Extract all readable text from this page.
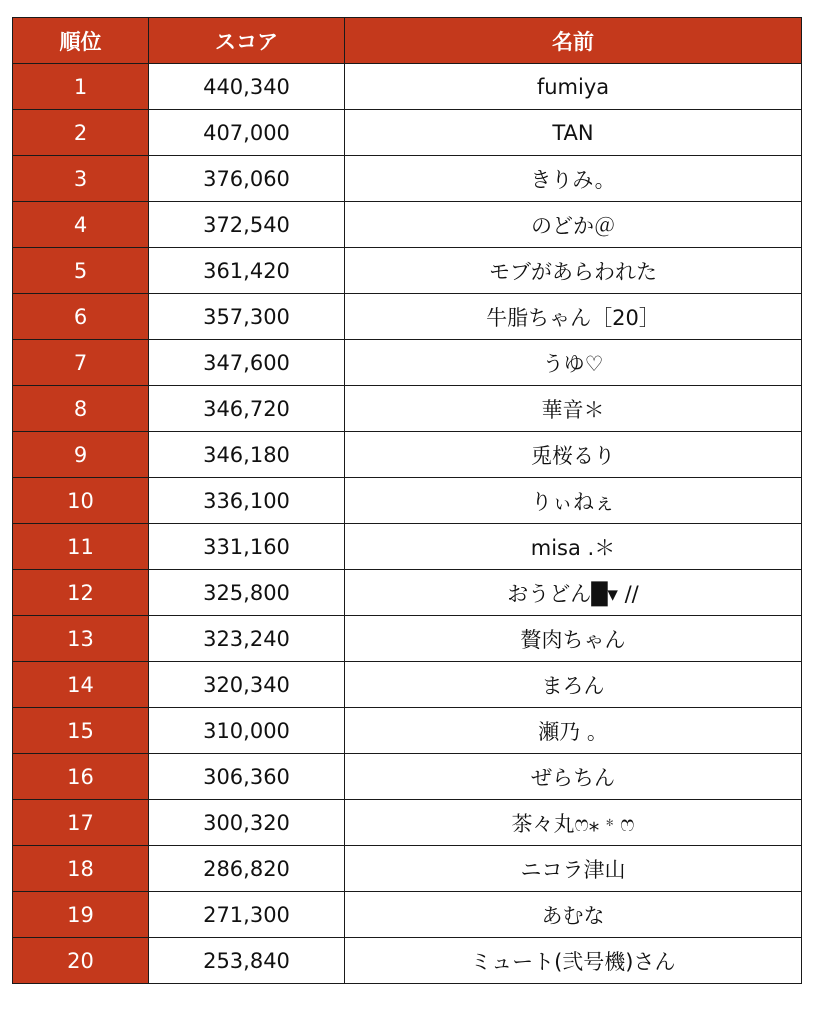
順位	スコア	名前
1	440,340	fumiya
2	407,000	TAN
3	376,060	きりみ。
4	372,540	のどか＠
5	361,420	モブがあらわれた
6	357,300	牛脂ちゃん［20］
7	347,600	うゆ♡
8	346,720	華音＊
9	346,180	兎桜るり
10	336,100	りぃねぇ
11	331,160	misa .＊
12	325,800	おうどん█▾ //
13	323,240	贅肉ちゃん
14	320,340	まろん
15	310,000	瀬乃 。
16	306,360	ぜらちん
17	300,320	茶々丸ෆ⁎﹡ෆ
18	286,820	ニコラ津山
19	271,300	あむな
20	253,840	ミュート(弐号機)さん
